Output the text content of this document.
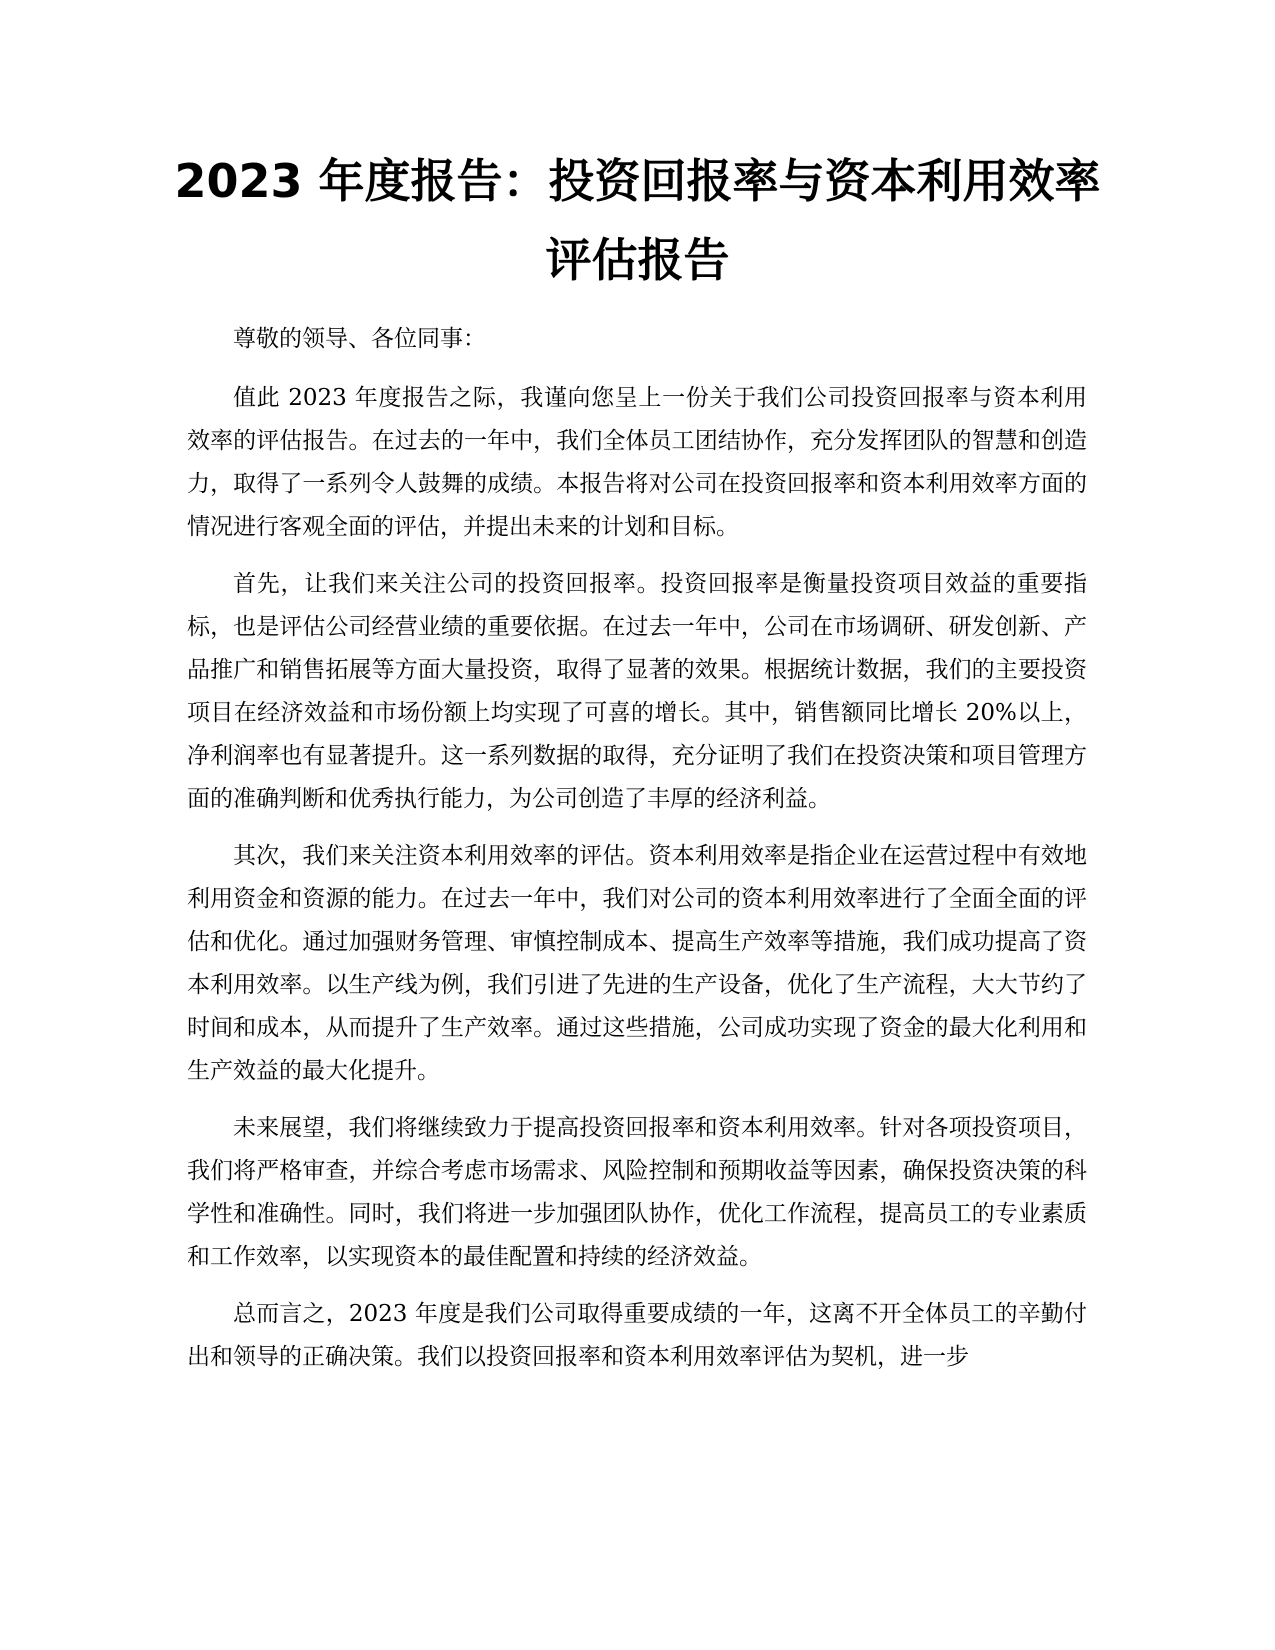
2023 年度报告：投资回报率与资本利用效率
评估报告

尊敬的领导、各位同事：

值此 2023 年度报告之际，我谨向您呈上一份关于我们公司投资回报率与资本利用效率的评估报告。在过去的一年中，我们全体员工团结协作，充分发挥团队的智慧和创造力，取得了一系列令人鼓舞的成绩。本报告将对公司在投资回报率和资本利用效率方面的情况进行客观全面的评估，并提出未来的计划和目标。

首先，让我们来关注公司的投资回报率。投资回报率是衡量投资项目效益的重要指标，也是评估公司经营业绩的重要依据。在过去一年中，公司在市场调研、研发创新、产品推广和销售拓展等方面大量投资，取得了显著的效果。根据统计数据，我们的主要投资项目在经济效益和市场份额上均实现了可喜的增长。其中，销售额同比增长 20%以上，净利润率也有显著提升。这一系列数据的取得，充分证明了我们在投资决策和项目管理方面的准确判断和优秀执行能力，为公司创造了丰厚的经济利益。

其次，我们来关注资本利用效率的评估。资本利用效率是指企业在运营过程中有效地利用资金和资源的能力。在过去一年中，我们对公司的资本利用效率进行了全面全面的评估和优化。通过加强财务管理、审慎控制成本、提高生产效率等措施，我们成功提高了资本利用效率。以生产线为例，我们引进了先进的生产设备，优化了生产流程，大大节约了时间和成本，从而提升了生产效率。通过这些措施，公司成功实现了资金的最大化利用和生产效益的最大化提升。

未来展望，我们将继续致力于提高投资回报率和资本利用效率。针对各项投资项目，我们将严格审查，并综合考虑市场需求、风险控制和预期收益等因素，确保投资决策的科学性和准确性。同时，我们将进一步加强团队协作，优化工作流程，提高员工的专业素质和工作效率，以实现资本的最佳配置和持续的经济效益。

总而言之，2023 年度是我们公司取得重要成绩的一年，这离不开全体员工的辛勤付出和领导的正确决策。我们以投资回报率和资本利用效率评估为契机，进一步
